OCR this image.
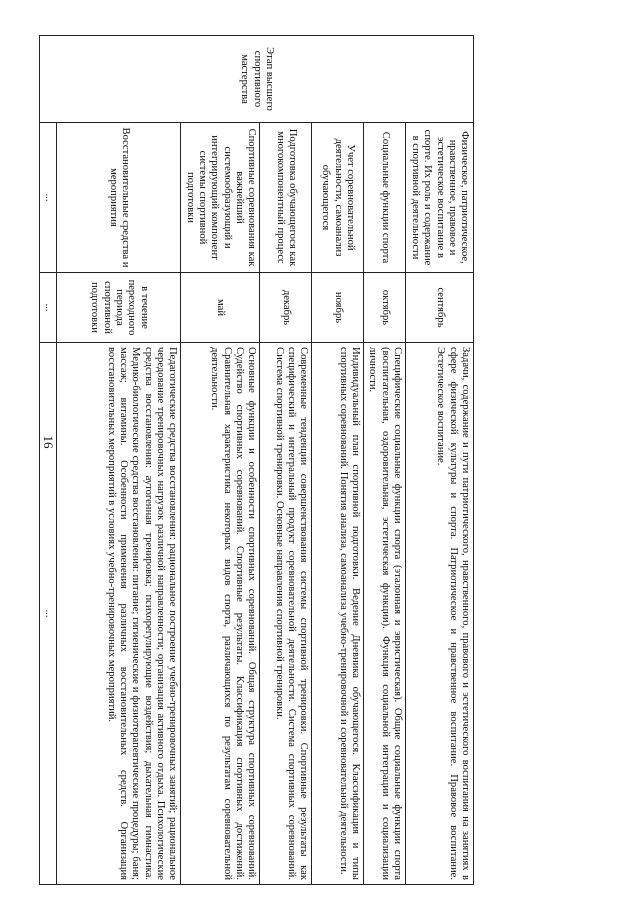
16
Этап высшего спортивного мастерства	Физическое, патриотическое, нравственное, правовое и эстетическое воспитание в спорте. Их роль и содержание в спортивной деятельности	сентябрь	Задачи, содержание и пути патриотического, нравственного, правового и эстетического воспитания на занятиях в сфере физической культуры и спорта. Патриотическое и нравственное воспитание. Правовое воспитание. Эстетическое воспитание.
	Социальные функции спорта	октябрь	Специфические социальные функции спорта (эталонная и эвристическая). Общие социальные функции спорта (воспитательная, оздоровительная, эстетическая функции). Функция социальной интеграции и социализации личности.
	Учет соревновательной деятельности, самоанализ обучающегося	ноябрь	Индивидуальный план спортивной подготовки. Ведение Дневника обучающегося. Классификация и типы спортивных соревнований. Понятия анализа, самоанализа учебно-тренировочной и соревновательной деятельности.
	Подготовка обучающегося как многокомпонентный процесс	декабрь	Современные тенденции совершенствования системы спортивной тренировки. Спортивные результаты как специфический и интегральный продукт соревновательной деятельности. Система спортивных соревнований. Система спортивной тренировки. Основные направления спортивной тренировки.
	Спортивные соревнования как важнейший системообразующий и интегрирующий компонент системы спортивной подготовки	май	Основные функции и особенности спортивных соревнований. Общая структура спортивных соревнований. Судейство спортивных соревнований. Спортивные результаты. Классификация спортивных достижений. Сравнительная характеристика некоторых видов спорта, различающихся по результатам соревновательной деятельности.
	Восстановительные средства и мероприятия	в течение переходного периода спортивной подготовки	Педагогические средства восстановления: рациональное построение учебно-тренировочных занятий; рациональное чередование тренировочных нагрузок различной направленности; организация активного отдыха. Психологические средства восстановления: аутогенная тренировка; психорегулирующие воздействия; дыхательная гимнастика. Медико-биологические средства восстановления: питание; гигиенические и физиотерапевтические процедуры; баня; массаж; витамины. Особенности применения различных восстановительных средств. Организация восстановительных мероприятий в условиях учебно-тренировочных мероприятий.
	...	...	...
